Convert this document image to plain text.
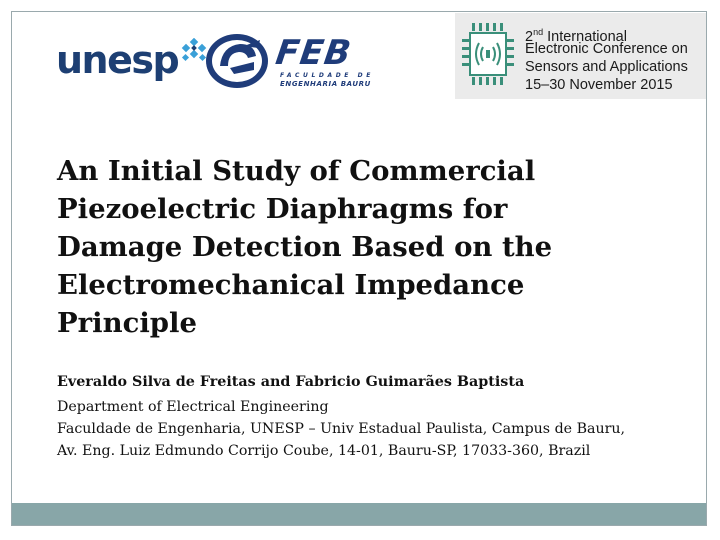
unesp	FEB
FACULDADE DE
ENGENHARIA BAURU
2nd International
Electronic Conference on
Sensors and Applications
15–30 November 2015
An Initial Study of Commercial Piezoelectric Diaphragms for Damage Detection Based on the Electromechanical Impedance Principle
Everaldo Silva de Freitas and Fabricio Guimarães Baptista
Department of Electrical Engineering
Faculdade de Engenharia, UNESP – Univ Estadual Paulista, Campus de Bauru,
Av. Eng. Luiz Edmundo Corrijo Coube, 14-01, Bauru-SP, 17033-360, Brazil
